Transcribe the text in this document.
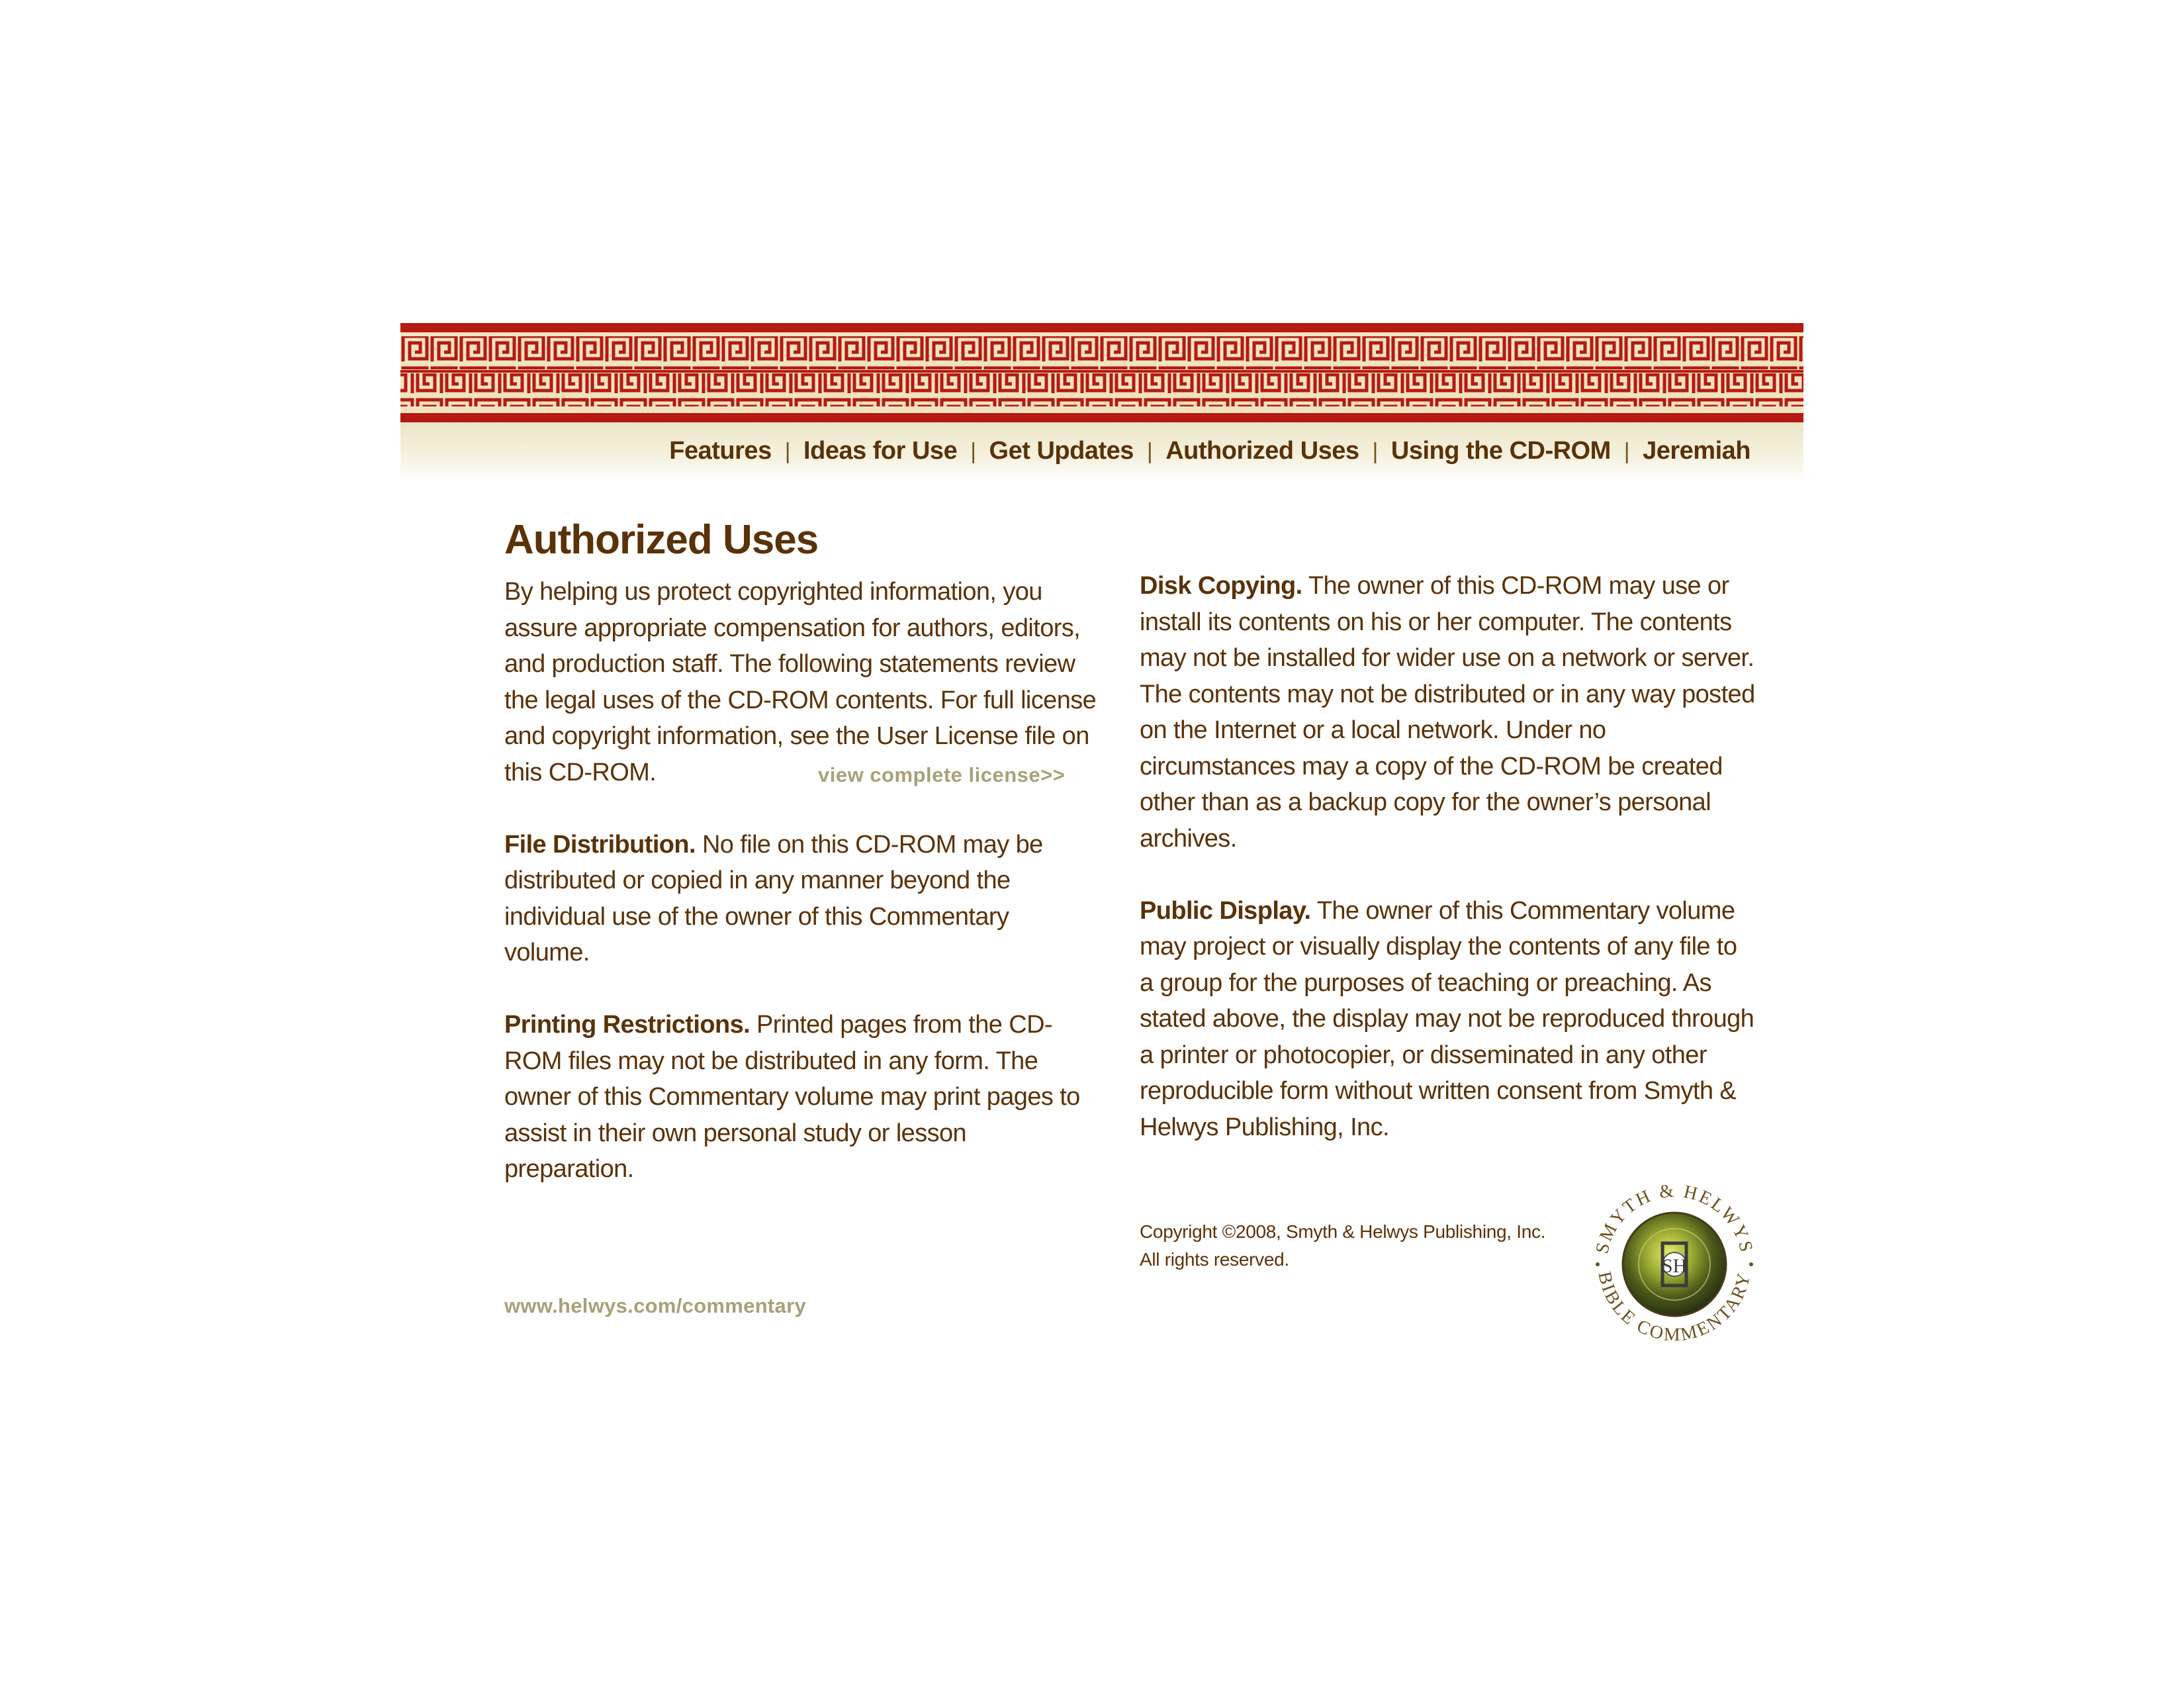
Features | Ideas for Use | Get Updates | Authorized Uses | Using the CD-ROM | Jeremiah
Authorized Uses

By helping us protect copyrighted information, you assure appropriate compensation for authors, editors, and production staff. The following statements review the legal uses of the CD-ROM contents. For full license and copyright information, see the User License file on this CD-ROM.

File Distribution. No file on this CD-ROM may be distributed or copied in any manner beyond the individual use of the owner of this Commentary volume.

Printing Restrictions. Printed pages from the CD-ROM files may not be distributed in any form. The owner of this Commentary volume may print pages to assist in their own personal study or lesson preparation.

view complete license>>

Disk Copying. The owner of this CD-ROM may use or install its contents on his or her computer. The contents may not be installed for wider use on a network or server. The contents may not be distributed or in any way posted on the Internet or a local network. Under no circumstances may a copy of the CD-ROM be created other than as a backup copy for the owner’s personal archives.

Public Display. The owner of this Commentary volume may project or visually display the contents of any file to a group for the purposes of teaching or preaching. As stated above, the display may not be reproduced through a printer or photocopier, or disseminated in any other reproducible form without written consent from Smyth & Helwys Publishing, Inc.

Copyright ©2008, Smyth & Helwys Publishing, Inc.
All rights reserved.
www.helwys.com/commentary
SH
SMYTH & HELWYS
BIBLE COMMENTARY
